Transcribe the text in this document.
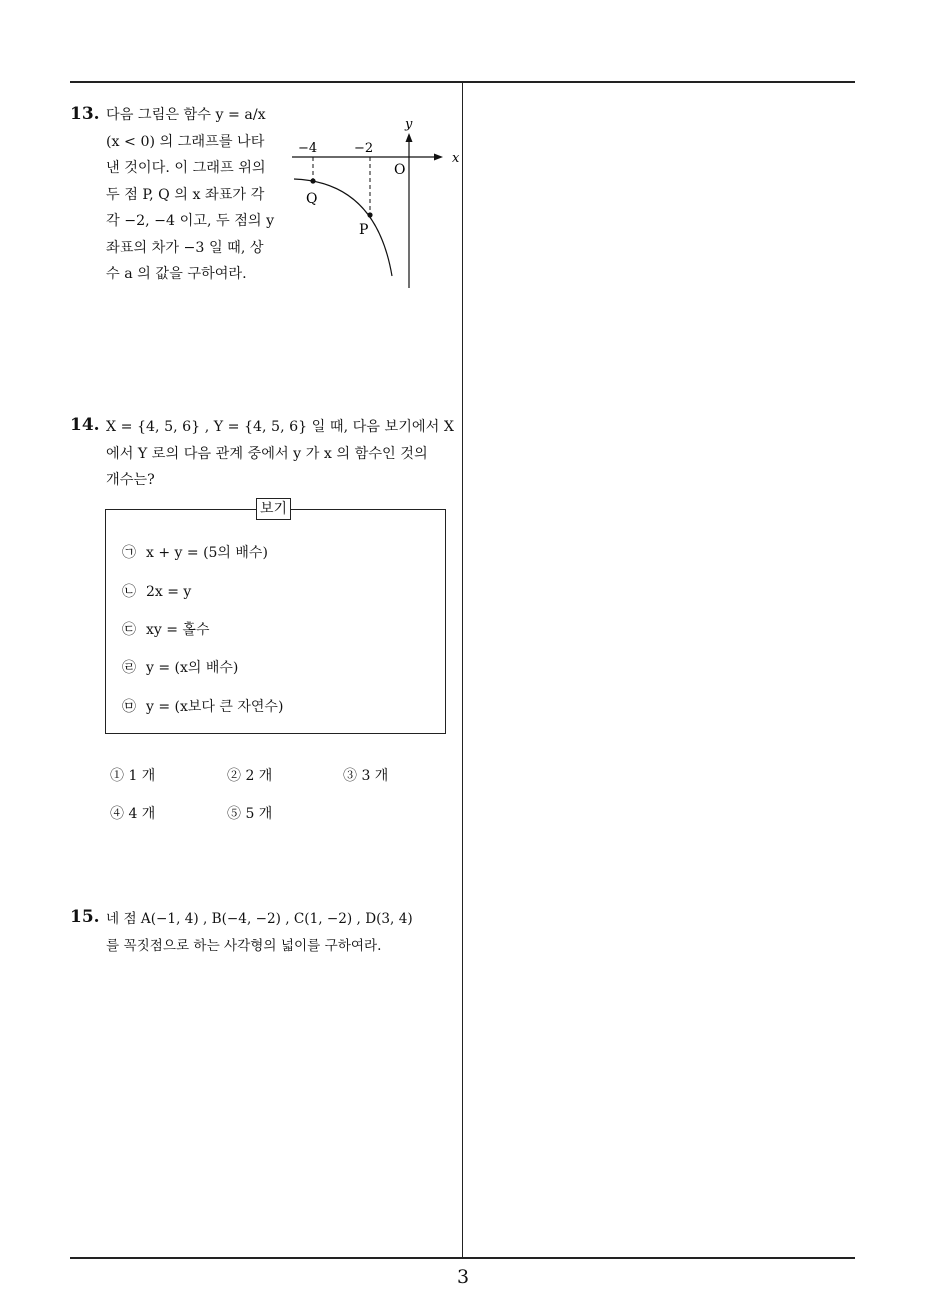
13. 다음 그림은 함수 y = a/x
(x < 0) 의 그래프를 나타
낸 것이다. 이 그래프 위의
두 점 P, Q 의 x 좌표가 각
각 −2, −4 이고, 두 점의 y
좌표의 차가 −3 일 때, 상
수 a 의 값을 구하여라.
x
y
O
−4	−2
Q
P
14. X = {4, 5, 6} , Y = {4, 5, 6} 일 때, 다음 보기에서 X
에서 Y 로의 다음 관계 중에서 y 가 x 의 함수인 것의
개수는?
보기
㉠ x + y = (5의 배수)
㉡ 2x = y
㉢ xy = 홀수
㉣ y = (x의 배수)
㉤ y = (x보다 큰 자연수)
① 1 개	② 2 개	③ 3 개
④ 4 개	⑤ 5 개
15. 네 점 A(−1, 4) , B(−4, −2) , C(1, −2) , D(3, 4)
를 꼭짓점으로 하는 사각형의 넓이를 구하여라.
3
